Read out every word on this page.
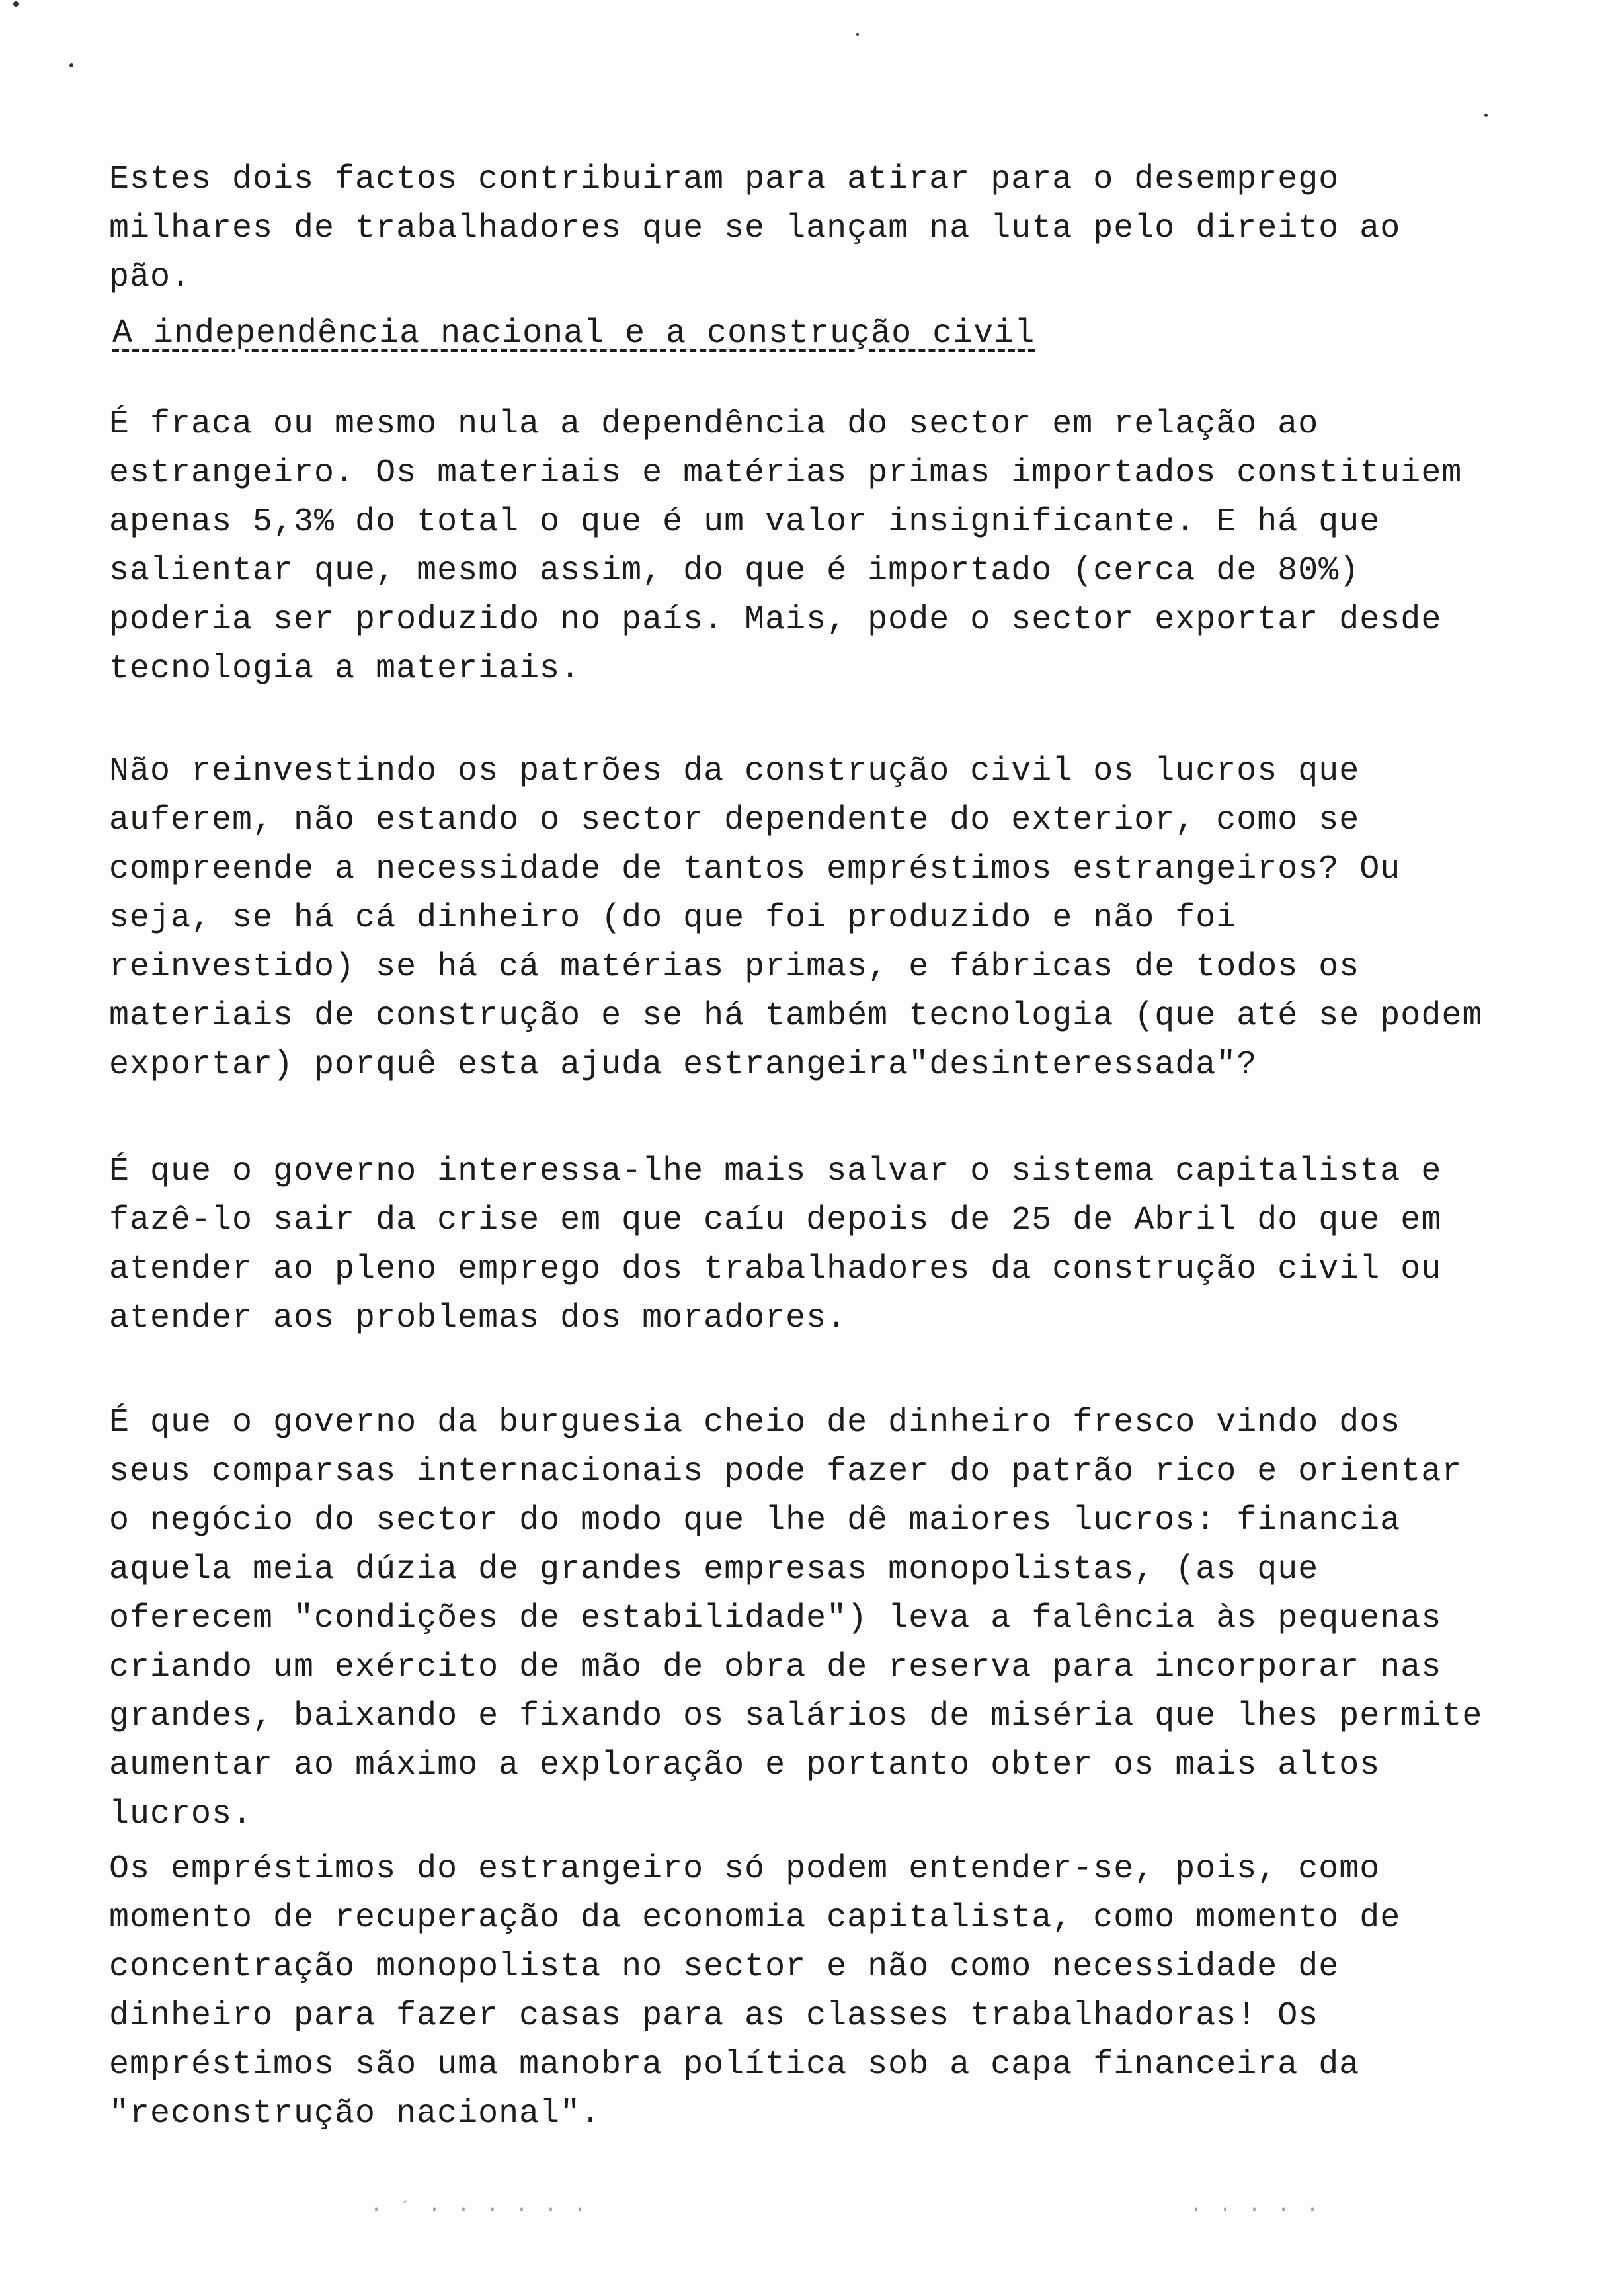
Estes dois factos contribuiram para atirar para o desemprego milhares de trabalhadores que se lançam na luta pelo direito ao pão.

A independência nacional e a construção civil

É fraca ou mesmo nula a dependência do sector em relação ao estrangeiro. Os materiais e matérias primas importados constituiem apenas 5,3% do total o que é um valor insignificante. E há que salientar que, mesmo assim, do que é importado (cerca de 80%) poderia ser produzido no país. Mais, pode o sector exportar desde tecnologia a materiais.

Não reinvestindo os patrões da construção civil os lucros que auferem, não estando o sector dependente do exterior, como se compreende a necessidade de tantos empréstimos estrangeiros? Ou seja, se há cá dinheiro (do que foi produzido e não foi reinvestido) se há cá matérias primas, e fábricas de todos os materiais de construção e se há também tecnologia (que até se podem exportar) porquê esta ajuda estrangeira"desinteressada"?

É que o governo interessa-lhe mais salvar o sistema capitalista e fazê-lo sair da crise em que caíu depois de 25 de Abril do que em atender ao pleno emprego dos trabalhadores da construção civil ou atender aos problemas dos moradores.

É que o governo da burguesia cheio de dinheiro fresco vindo dos seus comparsas internacionais pode fazer do patrão rico e orientar o negócio do sector do modo que lhe dê maiores lucros: financia aquela meia dúzia de grandes empresas monopolistas, (as que oferecem "condições de estabilidade") leva a falência às pequenas criando um exército de mão de obra de reserva para incorporar nas grandes, baixando e fixando os salários de miséria que lhes permite aumentar ao máximo a exploração e portanto obter os mais altos lucros.

Os empréstimos do estrangeiro só podem entender-se, pois, como momento de recuperação da economia capitalista, como momento de concentração monopolista no sector e não como necessidade de dinheiro para fazer casas para as classes trabalhadoras! Os empréstimos são uma manobra política sob a capa financeira da "reconstrução nacional".

· ´ · · · · · ·	· · · · ·
